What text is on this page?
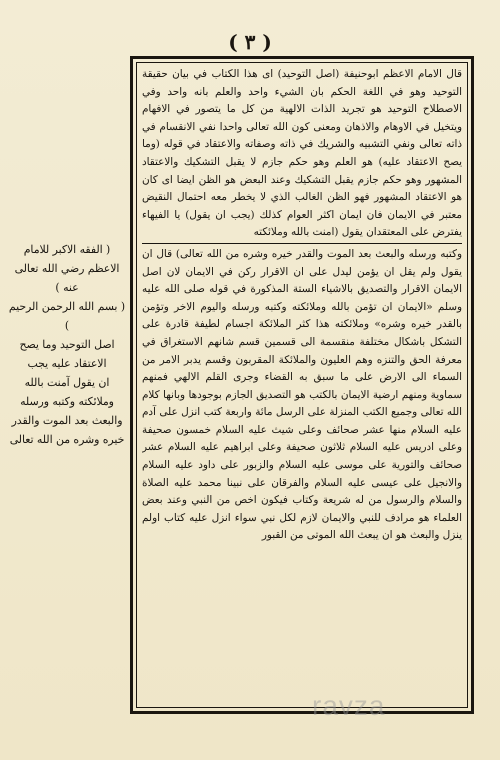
( ٣ )

قال الامام الاعظم ابوحنيفة (اصل التوحيد) اى هذا الكتاب في بيان حقيقة التوحيد وهو في اللغة الحكم بان الشيء واحد والعلم بانه واحد وفي الاصطلاح التوحيد هو تجريد الذات الالهية من كل ما يتصور في الافهام ويتخيل في الاوهام والاذهان ومعنى كون الله تعالى واحدا نفي الانقسام في ذاته تعالى ونفي التشبيه والشريك في ذاته وصفاته والاعتقاد في قوله (وما يصح الاعتقاد عليه) هو العلم وهو حكم جازم لا يقبل التشكيك والاعتقاد المشهور وهو حكم جازم يقبل التشكيك وعند البعض هو الظن ايضا اى كان هو الاعتقاد المشهور فهو الظن الغالب الذي لا يخطر معه احتمال النقيض معتبر في الايمان فان ايمان اكثر العوام كذلك (يجب ان يقول) يا الفيهاء يفترض على المعتقدان يقول (امنت بالله وملائكته

وكتبه ورسله والبعث بعد الموت والقدر خيره وشره من الله تعالى) قال ان يقول ولم يقل ان يؤمن ليدل على ان الاقرار ركن في الايمان لان اصل الايمان الاقرار والتصديق بالاشياء الستة المذكورة في قوله صلى الله عليه وسلم «الايمان ان تؤمن بالله وملائكته وكتبه ورسله واليوم الاخر وتؤمن بالقدر خيره وشره» وملائكته هذا كثر الملائكة اجسام لطيفة قادرة على التشكل باشكال مختلفة منقسمة الى قسمين قسم شانهم الاستغراق في معرفة الحق والتنزه وهم العليون والملائكة المقربون وقسم يدبر الامر من السماء الى الارض على ما سبق به القضاء وجرى القلم الالهي فمنهم سماوية ومنهم ارضية الايمان بالكتب هو التصديق الجازم بوجودها وبانها كلام الله تعالى وجميع الكتب المنزلة على الرسل مائة واربعة كتب انزل على آدم عليه السلام منها عشر صحائف وعلى شيث عليه السلام خمسون صحيفة وعلى ادريس عليه السلام ثلاثون صحيفة وعلى ابراهيم عليه السلام عشر صحائف والتورية على موسى عليه السلام والزبور على داود عليه السلام والانجيل على عيسى عليه السلام والفرقان على نبينا محمد عليه الصلاة والسلام والرسول من له شريعة وكتاب فيكون اخص من النبي وعند بعض العلماء هو مرادف للنبي والايمان لازم لكل نبي سواء انزل عليه كتاب اولم ينزل والبعث هو ان يبعث الله الموتى من القبور

( الفقه الاكبر للامام
الاعظم رضي الله تعالى عنه )
( بسم الله الرحمن الرحيم )
اصل التوحيد وما يصح
الاعتقاد عليه يجب
ان يقول آمنت بالله
وملائكته وكتبه ورسله
والبعث بعد الموت والقدر
خيره وشره من الله تعالى
ravza
